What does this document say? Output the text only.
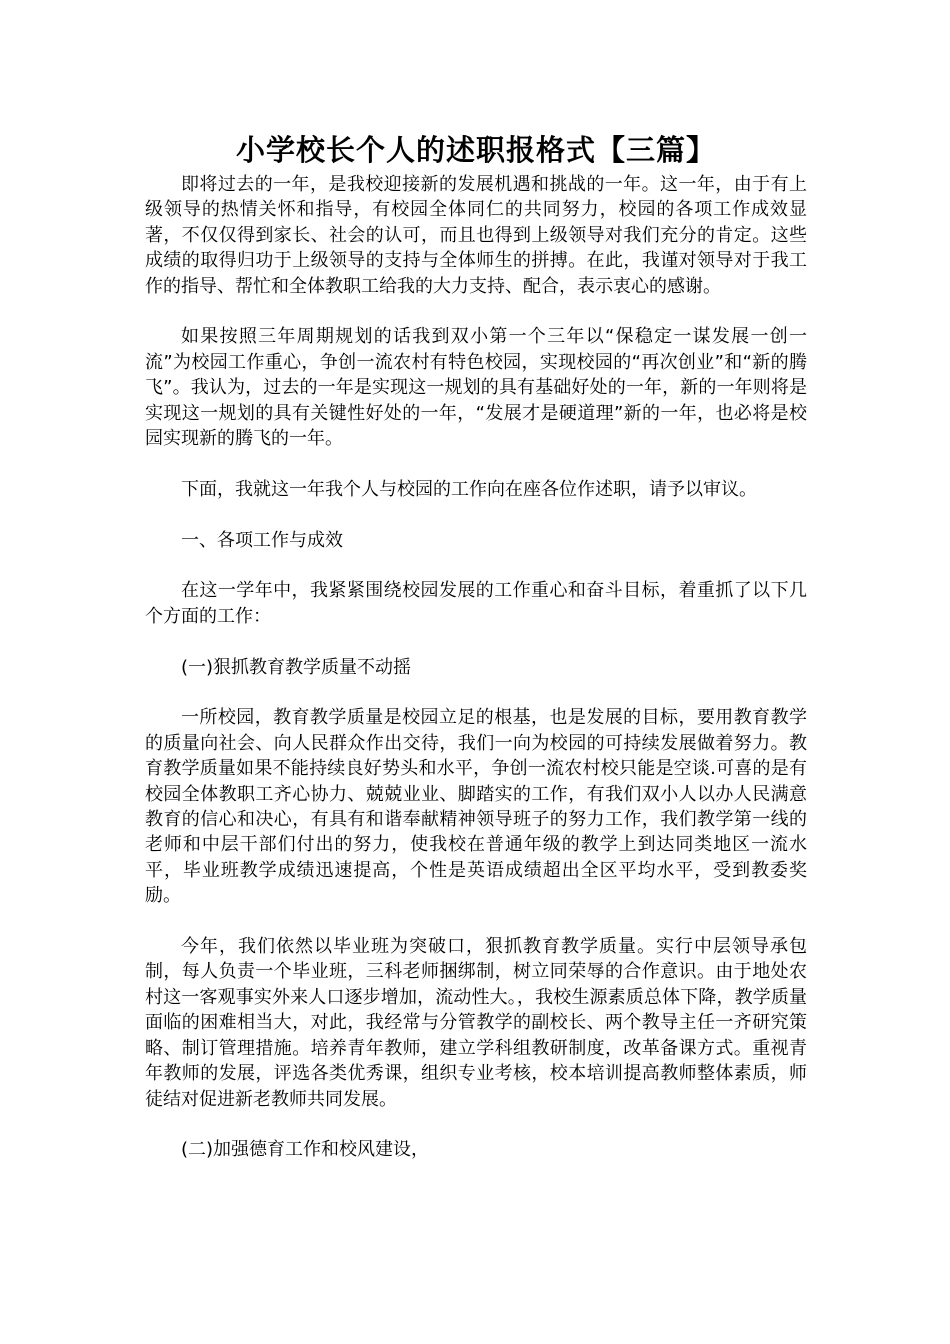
小学校长个人的述职报格式【三篇】

即将过去的一年，是我校迎接新的发展机遇和挑战的一年。这一年，由于有上级领导的热情关怀和指导，有校园全体同仁的共同努力，校园的各项工作成效显著，不仅仅得到家长、社会的认可，而且也得到上级领导对我们充分的肯定。这些成绩的取得归功于上级领导的支持与全体师生的拼搏。在此，我谨对领导对于我工作的指导、帮忙和全体教职工给我的大力支持、配合，表示衷心的感谢。

如果按照三年周期规划的话我到双小第一个三年以“保稳定一谋发展一创一流”为校园工作重心，争创一流农村有特色校园，实现校园的“再次创业”和“新的腾飞”。我认为，过去的一年是实现这一规划的具有基础好处的一年，新的一年则将是实现这一规划的具有关键性好处的一年，“发展才是硬道理”新的一年，也必将是校园实现新的腾飞的一年。

下面，我就这一年我个人与校园的工作向在座各位作述职，请予以审议。

一、各项工作与成效

在这一学年中，我紧紧围绕校园发展的工作重心和奋斗目标，着重抓了以下几个方面的工作：

(一)狠抓教育教学质量不动摇

一所校园，教育教学质量是校园立足的根基，也是发展的目标，要用教育教学的质量向社会、向人民群众作出交待，我们一向为校园的可持续发展做着努力。教育教学质量如果不能持续良好势头和水平，争创一流农村校只能是空谈.可喜的是有校园全体教职工齐心协力、兢兢业业、脚踏实的工作，有我们双小人以办人民满意教育的信心和决心，有具有和谐奉献精神领导班子的努力工作，我们教学第一线的老师和中层干部们付出的努力，使我校在普通年级的教学上到达同类地区一流水平，毕业班教学成绩迅速提高，个性是英语成绩超出全区平均水平，受到教委奖励。

今年，我们依然以毕业班为突破口，狠抓教育教学质量。实行中层领导承包制，每人负责一个毕业班，三科老师捆绑制，树立同荣辱的合作意识。由于地处农村这一客观事实外来人口逐步增加，流动性大。，我校生源素质总体下降，教学质量面临的困难相当大，对此，我经常与分管教学的副校长、两个教导主任一齐研究策略、制订管理措施。培养青年教师，建立学科组教研制度，改革备课方式。重视青年教师的发展，评选各类优秀课，组织专业考核，校本培训提高教师整体素质，师徒结对促进新老教师共同发展。

(二)加强德育工作和校风建设，
